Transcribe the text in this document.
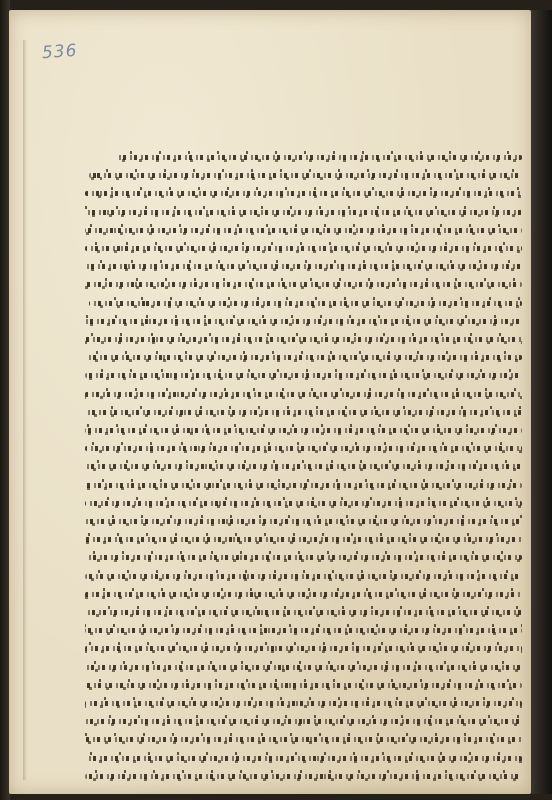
536
